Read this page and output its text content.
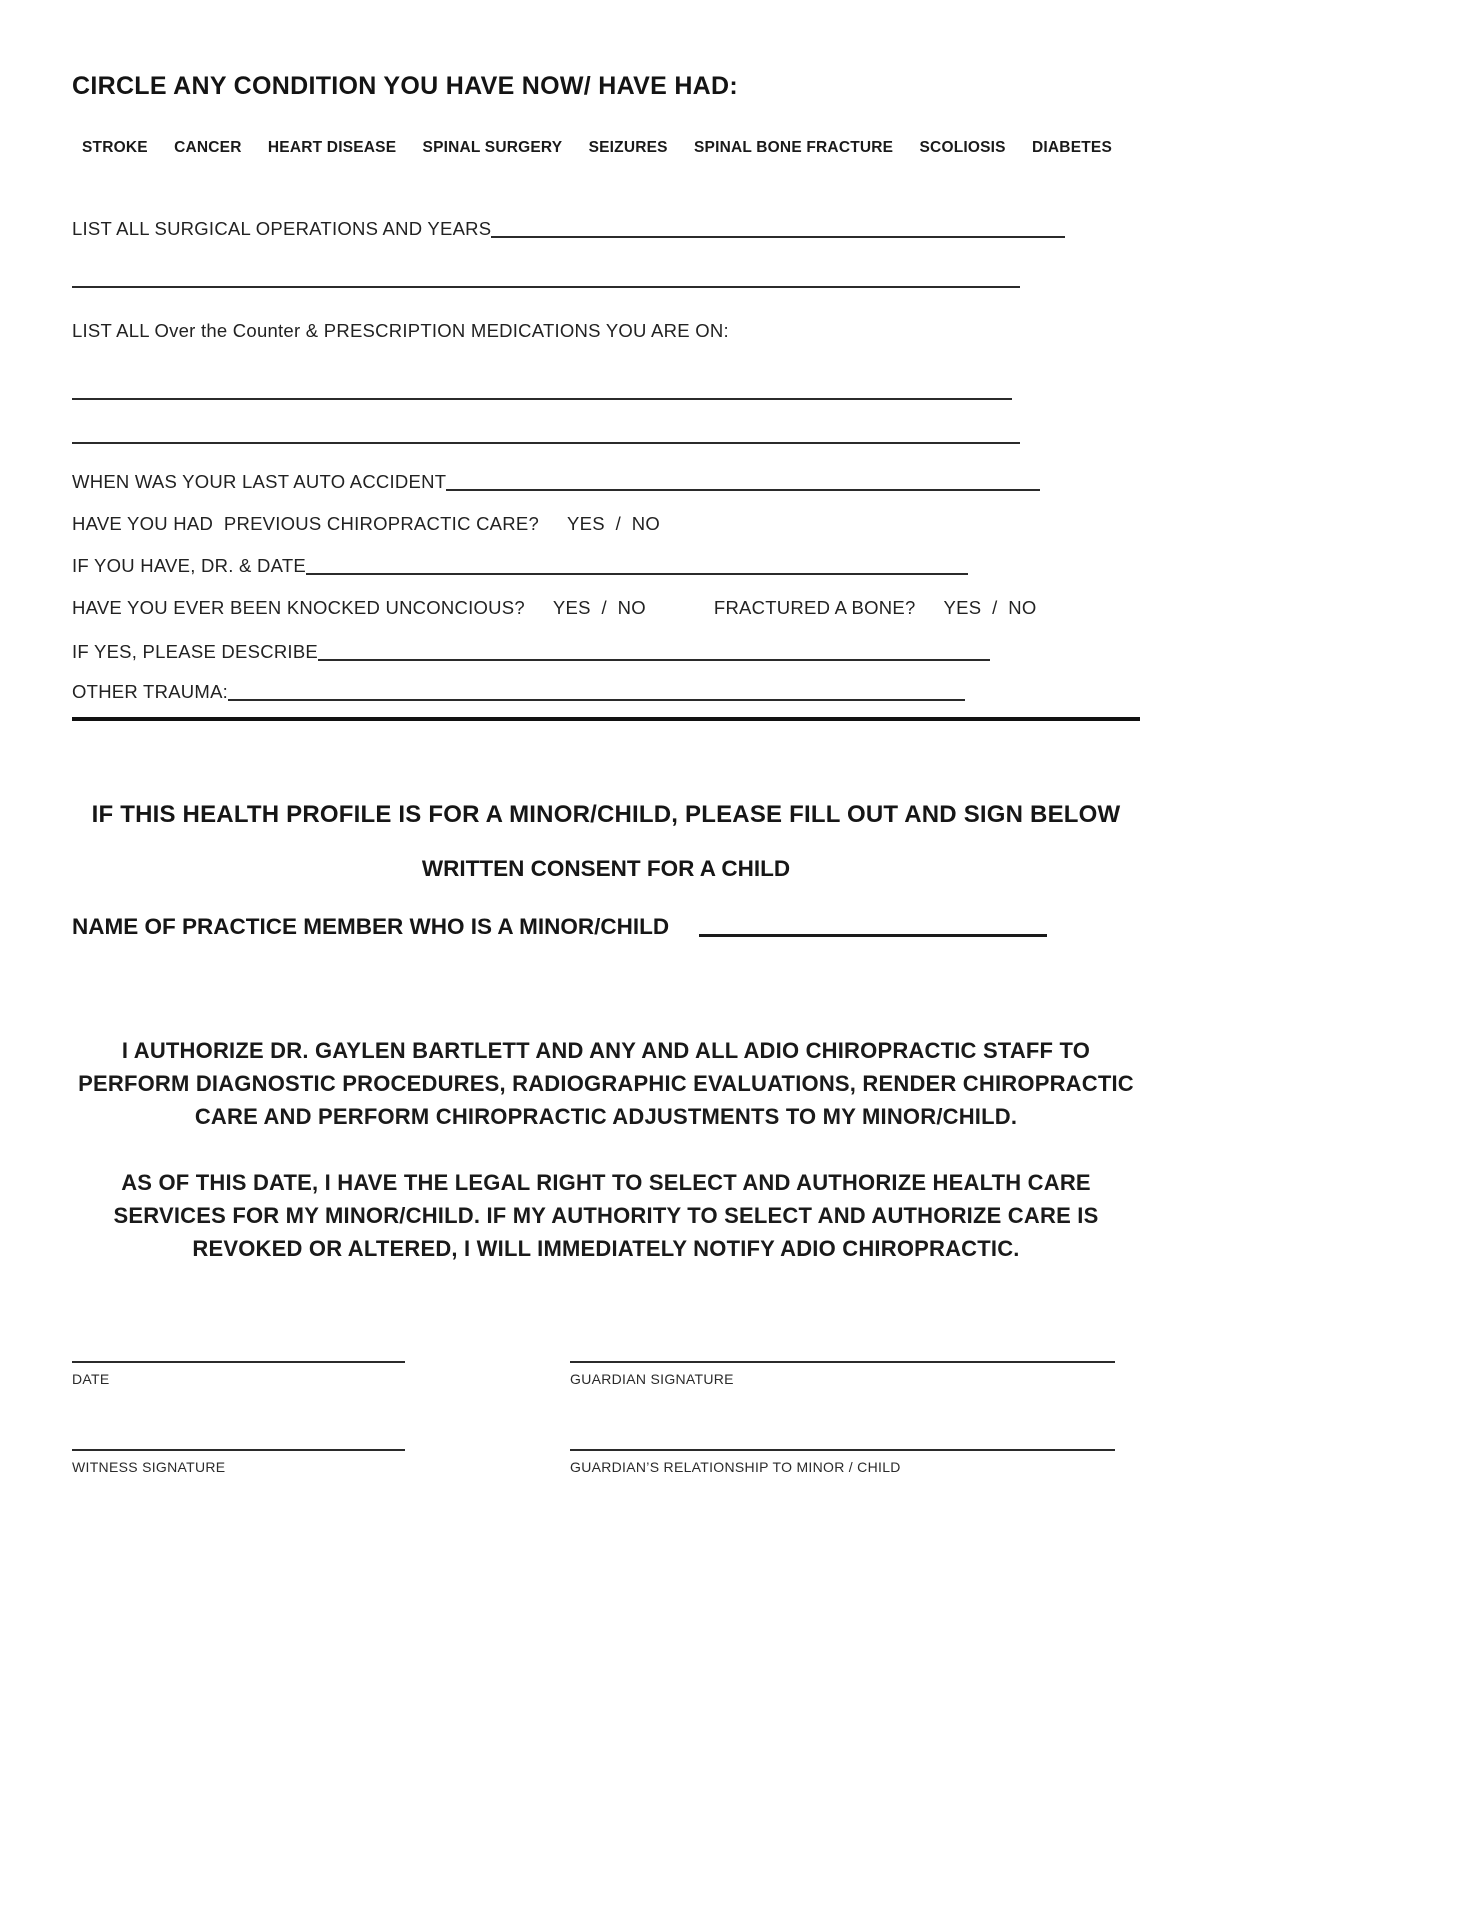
CIRCLE ANY CONDITION YOU HAVE NOW/ HAVE HAD:
STROKE CANCER HEART DISEASE SPINAL SURGERY SEIZURES SPINAL BONE FRACTURE SCOLIOSIS DIABETES
LIST ALL SURGICAL OPERATIONS AND YEARS
LIST ALL Over the Counter & PRESCRIPTION MEDICATIONS YOU ARE ON:
WHEN WAS YOUR LAST AUTO ACCIDENT
HAVE YOU HAD  PREVIOUS CHIROPRACTIC CARE? YES  /  NO
IF YOU HAVE, DR. & DATE
HAVE YOU EVER BEEN KNOCKED UNCONCIOUS? YES  /  NO	FRACTURED A BONE? YES  /  NO
IF YES, PLEASE DESCRIBE
OTHER TRAUMA:
IF THIS HEALTH PROFILE IS FOR A MINOR/CHILD, PLEASE FILL OUT AND SIGN BELOW
WRITTEN CONSENT FOR A CHILD
NAME OF PRACTICE MEMBER WHO IS A MINOR/CHILD
I AUTHORIZE DR. GAYLEN BARTLETT AND ANY AND ALL ADIO CHIROPRACTIC STAFF TO PERFORM DIAGNOSTIC PROCEDURES, RADIOGRAPHIC EVALUATIONS, RENDER CHIROPRACTIC CARE AND PERFORM CHIROPRACTIC ADJUSTMENTS TO MY MINOR/CHILD.
AS OF THIS DATE, I HAVE THE LEGAL RIGHT TO SELECT AND AUTHORIZE HEALTH CARE SERVICES FOR MY MINOR/CHILD. IF MY AUTHORITY TO SELECT AND AUTHORIZE CARE IS REVOKED OR ALTERED, I WILL IMMEDIATELY NOTIFY ADIO CHIROPRACTIC.
DATE	GUARDIAN SIGNATURE
WITNESS SIGNATURE	GUARDIAN’S RELATIONSHIP TO MINOR / CHILD
